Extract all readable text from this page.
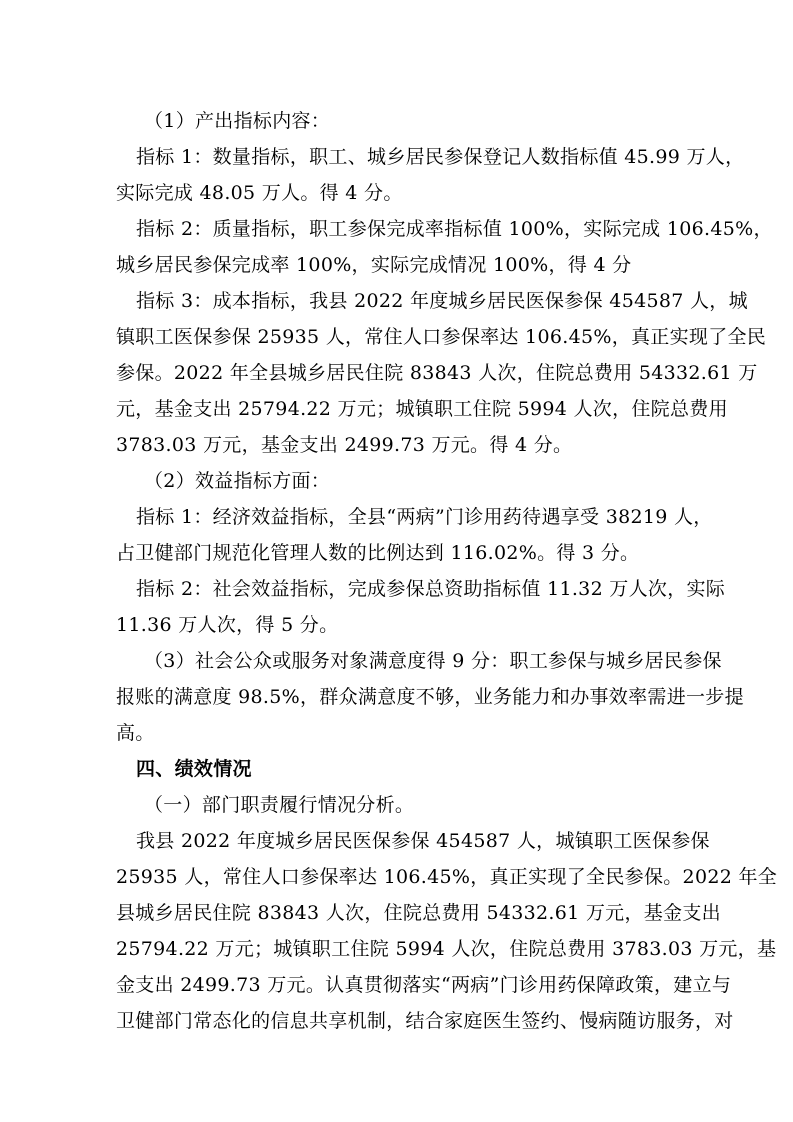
（1）产出指标内容：

指标 1：数量指标，职工、城乡居民参保登记人数指标值 45.99 万人，

实际完成 48.05 万人。得 4 分。

指标 2：质量指标，职工参保完成率指标值 100%，实际完成 106.45%，

城乡居民参保完成率 100%，实际完成情况 100%，得 4 分

指标 3：成本指标，我县 2022 年度城乡居民医保参保 454587 人，城

镇职工医保参保 25935 人，常住人口参保率达 106.45%，真正实现了全民

参保。2022 年全县城乡居民住院 83843 人次，住院总费用 54332.61 万

元，基金支出 25794.22 万元；城镇职工住院 5994 人次，住院总费用

3783.03 万元，基金支出 2499.73 万元。得 4 分。

（2）效益指标方面：

指标 1：经济效益指标，全县“两病”门诊用药待遇享受 38219 人，

占卫健部门规范化管理人数的比例达到 116.02%。得 3 分。

指标 2：社会效益指标，完成参保总资助指标值 11.32 万人次，实际

11.36 万人次，得 5 分。

（3）社会公众或服务对象满意度得 9 分：职工参保与城乡居民参保

报账的满意度 98.5%，群众满意度不够，业务能力和办事效率需进一步提

高。

四、绩效情况

（一）部门职责履行情况分析。

我县 2022 年度城乡居民医保参保 454587 人，城镇职工医保参保

25935 人，常住人口参保率达 106.45%，真正实现了全民参保。2022 年全

县城乡居民住院 83843 人次，住院总费用 54332.61 万元，基金支出

25794.22 万元；城镇职工住院 5994 人次，住院总费用 3783.03 万元，基

金支出 2499.73 万元。认真贯彻落实“两病”门诊用药保障政策，建立与

卫健部门常态化的信息共享机制，结合家庭医生签约、慢病随访服务，对
